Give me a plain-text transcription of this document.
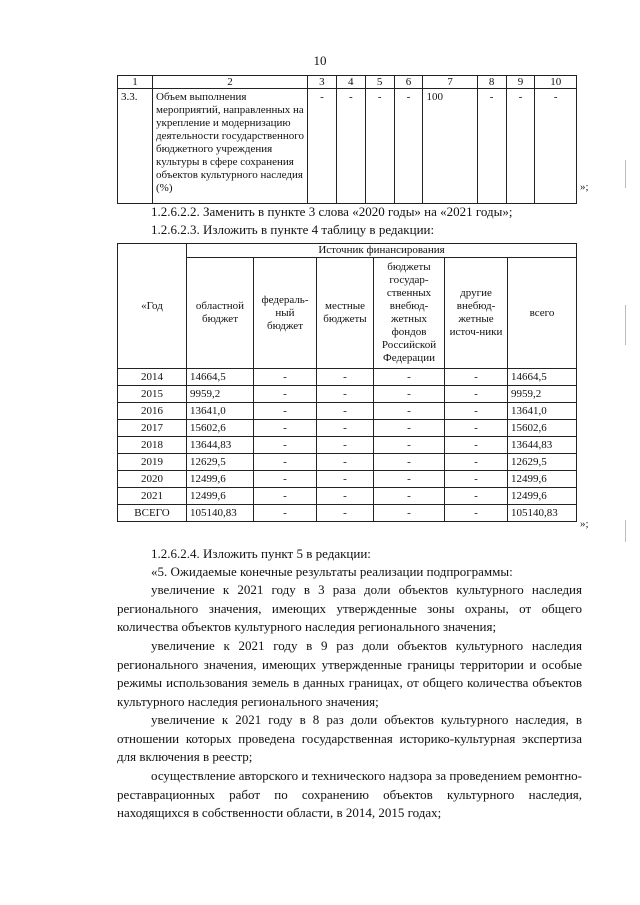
10
1	2	3	4	5	6	7	8	9	10
3.3.	Объем выполнения мероприятий, направленных на укрепление и модернизацию деятельности государственного бюджетного учреждения культуры в сфере сохранения объектов культурного наследия (%)	-	-	-	-	100	-	-	-
»;

1.2.6.2.2. Заменить в пункте 3 слова «2020 годы» на «2021 годы»;

1.2.6.2.3. Изложить в пункте 4 таблицу в редакции:

«Год	Источник финансирования					
	областной бюджет	федераль-ный бюджет	местные бюджеты	бюджеты государ-ственных внебюд-жетных фондов Российской Федерации	другие внебюд-жетные источ-ники	всего
2014	14664,5	-	-	-	-	14664,5
2015	9959,2	-	-	-	-	9959,2
2016	13641,0	-	-	-	-	13641,0
2017	15602,6	-	-	-	-	15602,6
2018	13644,83	-	-	-	-	13644,83
2019	12629,5	-	-	-	-	12629,5
2020	12499,6	-	-	-	-	12499,6
2021	12499,6	-	-	-	-	12499,6
ВСЕГО	105140,83	-	-	-	-	105140,83
»;

1.2.6.2.4. Изложить пункт 5 в редакции:

«5. Ожидаемые конечные результаты реализации подпрограммы:

увеличение к 2021 году в 3 раза доли объектов культурного наследия регионального значения, имеющих утвержденные зоны охраны, от общего количества объектов культурного наследия регионального значения;

увеличение к 2021 году в 9 раз доли объектов культурного наследия регионального значения, имеющих утвержденные границы территории и особые режимы использования земель в данных границах, от общего количества объектов культурного наследия регионального значения;

увеличение к 2021 году в 8 раз доли объектов культурного наследия, в отношении которых проведена государственная историко-культурная экспертиза для включения в реестр;

осуществление авторского и технического надзора за проведением ремонтно-реставрационных работ по сохранению объектов культурного наследия, находящихся в собственности области, в 2014, 2015 годах;
